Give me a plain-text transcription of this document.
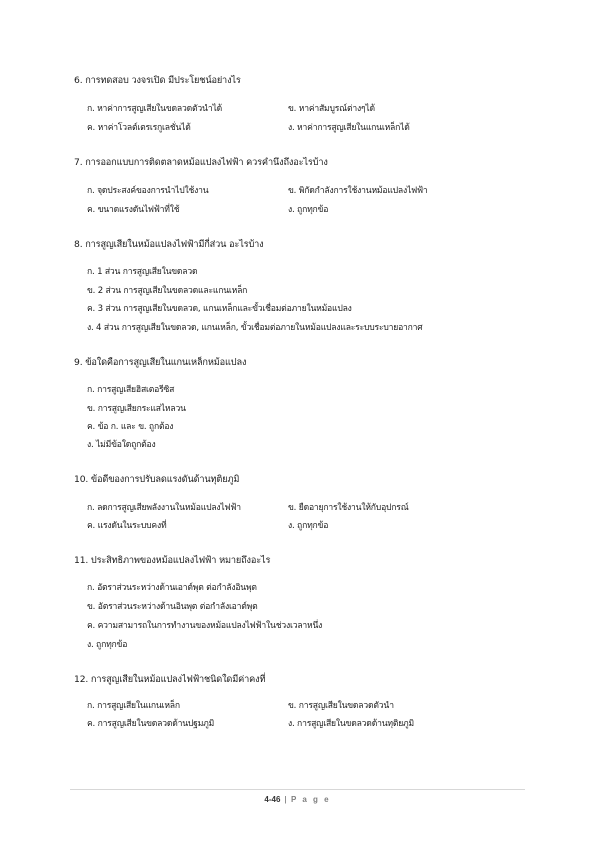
6. การทดสอบ วงจรเปิด มีประโยชน์อย่างไร
ก. หาค่าการสูญเสียในขดลวดตัวนำได้	ข. หาค่าสัมบูรณ์ต่างๆได้
ค. หาค่าโวลต์เตรเรกูเลชั่นได้	ง. หาค่าการสูญเสียในแกนเหล็กได้
7. การออกแบบการติดตลาดหม้อแปลงไฟฟ้า ควรคำนึงถึงอะไรบ้าง
ก. จุดประสงค์ของการนำไปใช้งาน	ข. พิกัดกำลังการใช้งานหม้อแปลงไฟฟ้า
ค. ขนาดแรงดันไฟฟ้าที่ใช้	ง. ถูกทุกข้อ
8. การสูญเสียในหม้อแปลงไฟฟ้ามีกี่ส่วน อะไรบ้าง
ก. 1 ส่วน การสูญเสียในขดลวด
ข. 2 ส่วน การสูญเสียในขดลวดและแกนเหล็ก
ค. 3 ส่วน การสูญเสียในขดลวด, แกนเหล็กและขั้วเชื่อมต่อภายในหม้อแปลง
ง. 4 ส่วน การสูญเสียในขดลวด, แกนเหล็ก, ขั้วเชื่อมต่อภายในหม้อแปลงและระบบระบายอากาศ
9. ข้อใดคือการสูญเสียในแกนเหล็กหม้อแปลง
ก. การสูญเสียฮิสเตอรีซิส
ข. การสูญเสียกระแสไหลวน
ค. ข้อ ก. และ ข. ถูกต้อง
ง. ไม่มีข้อใดถูกต้อง
10. ข้อดีของการปรับลดแรงดันด้านทุติยภูมิ
ก. ลดการสูญเสียพลังงานในหม้อแปลงไฟฟ้า	ข. ยืดอายุการใช้งานให้กับอุปกรณ์
ค. แรงดันในระบบคงที่	ง. ถูกทุกข้อ
11. ประสิทธิภาพของหม้อแปลงไฟฟ้า หมายถึงอะไร
ก. อัตราส่วนระหว่างด้านเอาต์พุต ต่อกำลังอินพุต
ข. อัตราส่วนระหว่างด้านอินพุต ต่อกำลังเอาต์พุต
ค. ความสามารถในการทำงานของหม้อแปลงไฟฟ้าในช่วงเวลาหนึ่ง
ง. ถูกทุกข้อ
12. การสูญเสียในหม้อแปลงไฟฟ้าชนิดใดมีค่าคงที่
ก. การสูญเสียในแกนเหล็ก	ข. การสูญเสียในขดลวดตัวนำ
ค. การสูญเสียในขดลวดด้านปฐมภูมิ	ง. การสูญเสียในขดลวดด้านทุติยภูมิ
4-46 | P a g e
